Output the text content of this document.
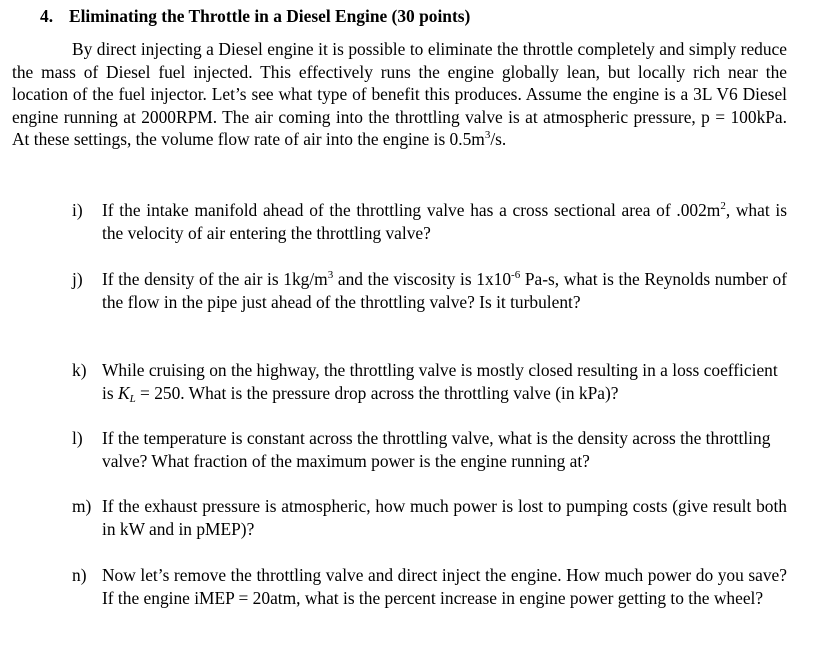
4. Eliminating the Throttle in a Diesel Engine (30 points)

By direct injecting a Diesel engine it is possible to eliminate the throttle completely and simply reduce the mass of Diesel fuel injected. This effectively runs the engine globally lean, but locally rich near the location of the fuel injector. Let’s see what type of benefit this produces. Assume the engine is a 3L V6 Diesel engine running at 2000RPM. The air coming into the throttling valve is at atmospheric pressure, p = 100kPa. At these settings, the volume flow rate of air into the engine is $0.5m^3/s$.

i) If the intake manifold ahead of the throttling valve has a cross sectional area of $.002m^2$, what is the velocity of air entering the throttling valve?
j) If the density of the air is $1kg/m^3$ and the viscosity is $1x10^{-6}$ Pa-s, what is the Reynolds number of the flow in the pipe just ahead of the throttling valve? Is it turbulent?
k) While cruising on the highway, the throttling valve is mostly closed resulting in a loss coefficient is $K_L = 250$. What is the pressure drop across the throttling valve (in kPa)?
l) If the temperature is constant across the throttling valve, what is the density across the throttling valve? What fraction of the maximum power is the engine running at?
m) If the exhaust pressure is atmospheric, how much power is lost to pumping costs (give result both in kW and in pMEP)?
n) Now let’s remove the throttling valve and direct inject the engine. How much power do you save? If the engine iMEP = 20atm, what is the percent increase in engine power getting to the wheel?
